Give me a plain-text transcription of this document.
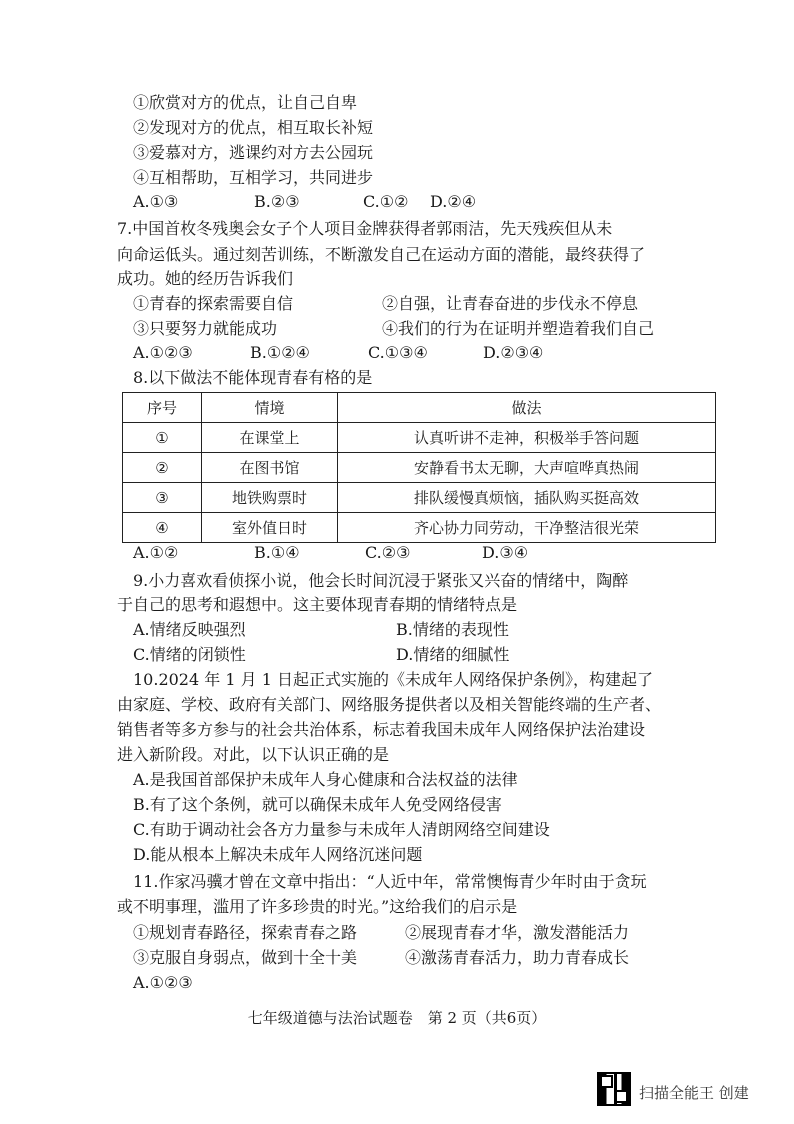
①欣赏对方的优点，让自己自卑
②发现对方的优点，相互取长补短
③爱慕对方，逃课约对方去公园玩
④互相帮助，互相学习，共同进步
A.①③	B.②③	C.①② D.②④
7.中国首枚冬残奥会女子个人项目金牌获得者郭雨洁，先天残疾但从未
向命运低头。通过刻苦训练，不断激发自己在运动方面的潜能，最终获得了
成功。她的经历告诉我们
①青春的探索需要自信	②自强，让青春奋进的步伐永不停息
③只要努力就能成功	④我们的行为在证明并塑造着我们自己
A.①②③	B.①②④	C.①③④	D.②③④
8.以下做法不能体现青春有格的是
序号	情境	做法
①	在课堂上	认真听讲不走神，积极举手答问题
②	在图书馆	安静看书太无聊，大声喧哗真热闹
③	地铁购票时	排队缓慢真烦恼，插队购买挺高效
④	室外值日时	齐心协力同劳动，干净整洁很光荣
A.①②	B.①④	C.②③	D.③④
9.小力喜欢看侦探小说，他会长时间沉浸于紧张又兴奋的情绪中，陶醉
于自己的思考和遐想中。这主要体现青春期的情绪特点是
A.情绪反映强烈	B.情绪的表现性
C.情绪的闭锁性	D.情绪的细腻性
10.2024 年 1 月 1 日起正式实施的《未成年人网络保护条例》，构建起了
由家庭、学校、政府有关部门、网络服务提供者以及相关智能终端的生产者、
销售者等多方参与的社会共治体系，标志着我国未成年人网络保护法治建设
进入新阶段。对此，以下认识正确的是
A.是我国首部保护未成年人身心健康和合法权益的法律
B.有了这个条例，就可以确保未成年人免受网络侵害
C.有助于调动社会各方力量参与未成年人清朗网络空间建设
D.能从根本上解决未成年人网络沉迷问题
11.作家冯骥才曾在文章中指出：“人近中年，常常懊悔青少年时由于贪玩
或不明事理，滥用了许多珍贵的时光。”这给我们的启示是
①规划青春路径，探索青春之路	②展现青春才华，激发潜能活力
③克服自身弱点，做到十全十美	④激荡青春活力，助力青春成长
A.①②③
七年级道德与法治试题卷　第 2 页（共6页）
扫描全能王 创建
